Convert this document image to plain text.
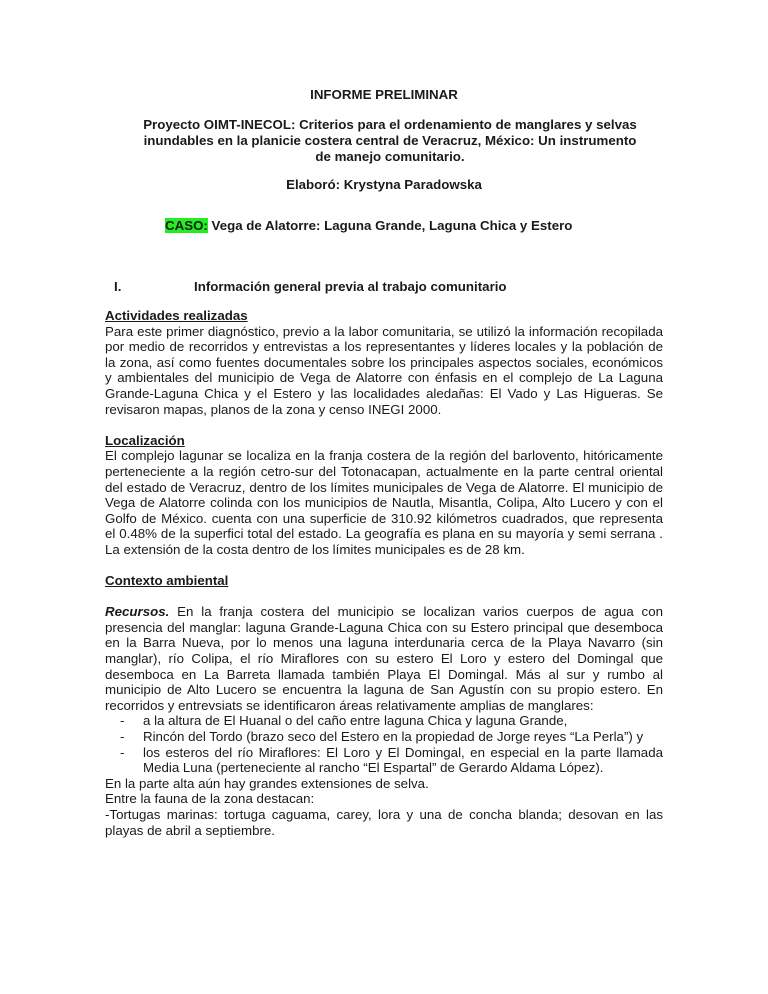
INFORME PRELIMINAR
Proyecto OIMT-INECOL: Criterios para el ordenamiento de manglares y selvas inundables en la planicie costera central de Veracruz, México: Un instrumento de manejo comunitario.
Elaboró: Krystyna Paradowska
CASO: Vega de Alatorre: Laguna Grande, Laguna Chica y Estero
I.	Información general previa al trabajo comunitario
Actividades realizadas

Para este primer diagnóstico, previo a la labor comunitaria, se utilizó la información recopilada por medio de recorridos y entrevistas a los representantes y líderes locales y la población de la zona, así como fuentes documentales sobre los principales aspectos sociales, económicos y ambientales del municipio de Vega de Alatorre con énfasis en el complejo de La Laguna Grande-Laguna Chica y el Estero y las localidades aledañas: El Vado y Las Higueras. Se revisaron mapas, planos de la zona y censo INEGI 2000.

Localización

El complejo lagunar se localiza en la franja costera de la región del barlovento, hitóricamente perteneciente a la región cetro-sur del Totonacapan, actualmente en la parte central oriental del estado de Veracruz, dentro de los límites municipales de Vega de Alatorre. El municipio de Vega de Alatorre colinda con los municipios de Nautla, Misantla, Colipa, Alto Lucero y con el Golfo de México. cuenta con una superficie de 310.92 kilómetros cuadrados, que representa el 0.48% de la superfici total del estado. La geografía es plana en su mayoría y semi serrana . La extensión de la costa dentro de los límites municipales es de 28 km.

Contexto ambiental

Recursos. En la franja costera del municipio se localizan varios cuerpos de agua con presencia del manglar: laguna Grande-Laguna Chica con su Estero principal que desemboca en la Barra Nueva, por lo menos una laguna interdunaria cerca de la Playa Navarro (sin manglar), río Colipa, el río Miraflores con su estero El Loro y estero del Domingal que desemboca en La Barreta llamada también Playa El Domingal. Más al sur y rumbo al municipio de Alto Lucero se encuentra la laguna de San Agustín con su propio estero. En recorridos y entrevsiats se identificaron áreas relativamente amplias de manglares:

- a la altura de El Huanal o del caño entre laguna Chica y laguna Grande,
- Rincón del Tordo (brazo seco del Estero en la propiedad de Jorge reyes “La Perla”) y
- los esteros del río Miraflores: El Loro y El Domingal, en especial en la parte llamada Media Luna (perteneciente al rancho “El Espartal” de Gerardo Aldama López).

En la parte alta aún hay grandes extensiones de selva.

Entre la fauna de la zona destacan:

-Tortugas marinas: tortuga caguama, carey, lora y una de concha blanda; desovan en las playas de abril a septiembre.
